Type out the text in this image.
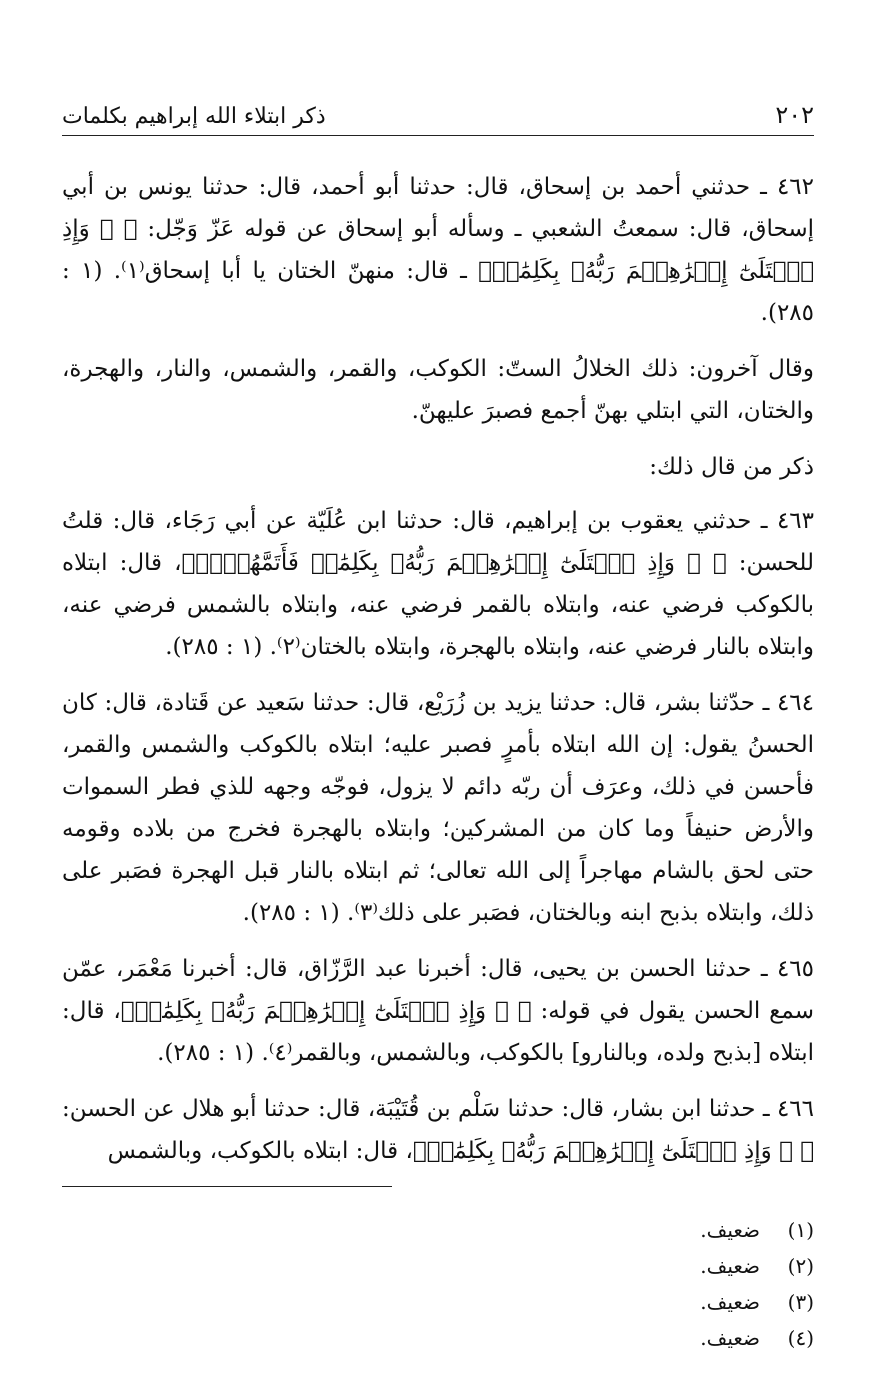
٢٠٢
ذكر ابتلاء الله إبراهيم بكلمات

٤٦٢ ـ حدثني أحمد بن إسحاق، قال: حدثنا أبو أحمد، قال: حدثنا يونس بن أبي إسحاق، قال: سمعتُ الشعبي ـ وسأله أبو إسحاق عن قوله عَزّ وَجّل: ﴿ ۞ وَإِذِ ٱبۡتَلَىٰٓ إِبۡرَٰهِـۧمَ رَبُّهُۥ بِكَلِمَٰتٖ﴾ ـ قال: منهنّ الختان يا أبا إسحاق⁽١⁾. (١ : ٢٨٥).

وقال آخرون: ذلك الخلالُ الستّ: الكوكب، والقمر، والشمس، والنار، والهجرة، والختان، التي ابتلي بهنّ أجمع فصبرَ عليهنّ.

ذكر من قال ذلك:

٤٦٣ ـ حدثني يعقوب بن إبراهيم، قال: حدثنا ابن عُلَيّة عن أبي رَجَاء، قال: قلتُ للحسن: ﴿ ۞ وَإِذِ ٱبۡتَلَىٰٓ إِبۡرَٰهِـۧمَ رَبُّهُۥ بِكَلِمَٰتٖ فَأَتَمَّهُنَّۖ﴾، قال: ابتلاه بالكوكب فرضي عنه، وابتلاه بالقمر فرضي عنه، وابتلاه بالشمس فرضي عنه، وابتلاه بالنار فرضي عنه، وابتلاه بالهجرة، وابتلاه بالختان⁽٢⁾. (١ : ٢٨٥).

٤٦٤ ـ حدّثنا بشر، قال: حدثنا يزيد بن زُرَيْع، قال: حدثنا سَعيد عن قَتادة، قال: كان الحسنُ يقول: إن الله ابتلاه بأمرٍ فصبر عليه؛ ابتلاه بالكوكب والشمس والقمر، فأحسن في ذلك، وعرَف أن ربّه دائم لا يزول، فوجّه وجهه للذي فطر السموات والأرض حنيفاً وما كان من المشركين؛ وابتلاه بالهجرة فخرج من بلاده وقومه حتى لحق بالشام مهاجراً إلى الله تعالى؛ ثم ابتلاه بالنار قبل الهجرة فصَبر على ذلك، وابتلاه بذبح ابنه وبالختان، فصَبر على ذلك⁽٣⁾. (١ : ٢٨٥).

٤٦٥ ـ حدثنا الحسن بن يحيى، قال: أخبرنا عبد الرَّزّاق، قال: أخبرنا مَعْمَر، عمّن سمع الحسن يقول في قوله: ﴿ ۞ وَإِذِ ٱبۡتَلَىٰٓ إِبۡرَٰهِـۧمَ رَبُّهُۥ بِكَلِمَٰتٖ﴾، قال: ابتلاه [بذبح ولده، وبالنارو] بالكوكب، وبالشمس، وبالقمر⁽٤⁾. (١ : ٢٨٥).

٤٦٦ ـ حدثنا ابن بشار، قال: حدثنا سَلْم بن قُتَيْبَة، قال: حدثنا أبو هلال عن الحسن: ﴿ ۞ وَإِذِ ٱبۡتَلَىٰٓ إِبۡرَٰهِـۧمَ رَبُّهُۥ بِكَلِمَٰتٖ﴾، قال: ابتلاه بالكوكب، وبالشمس

(١)
ضعيف.
(٢)
ضعيف.
(٣)
ضعيف.
(٤)
ضعيف.
